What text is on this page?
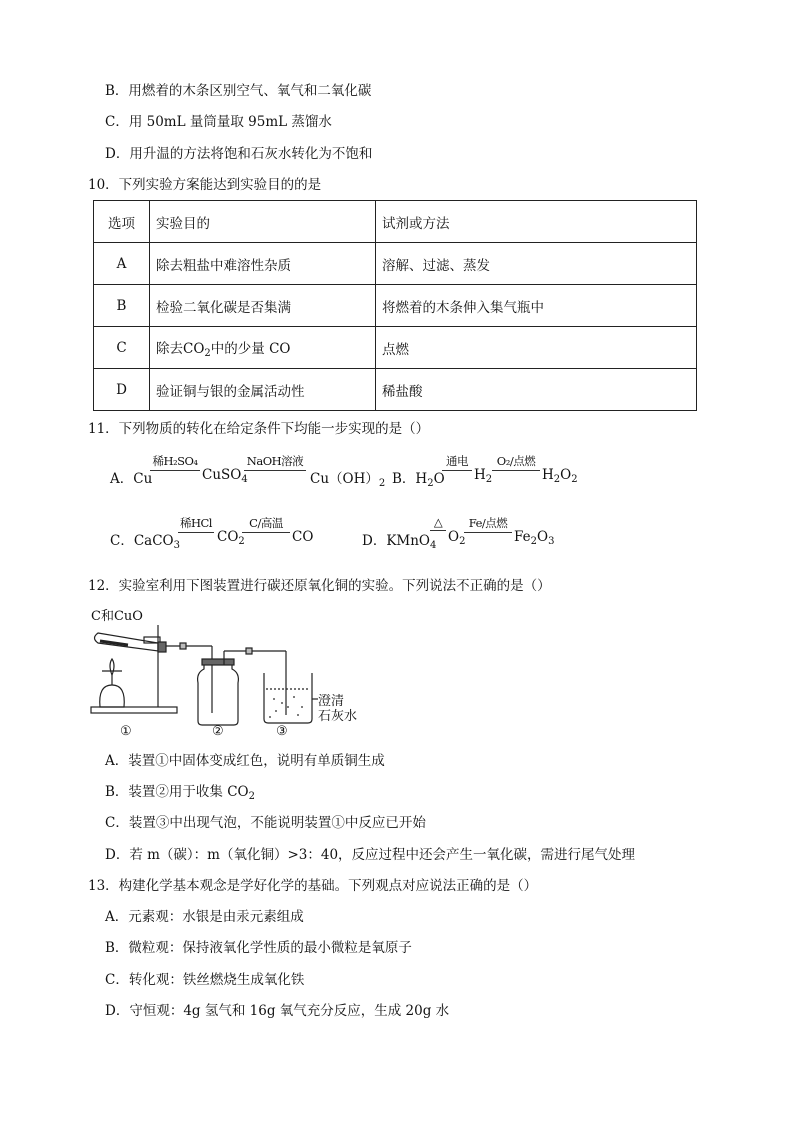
B．用燃着的木条区别空气、氧气和二氧化碳
C．用 50mL 量筒量取 95mL 蒸馏水
D．用升温的方法将饱和石灰水转化为不饱和
10．下列实验方案能达到实验目的的是
选项	实验目的	试剂或方法
A	除去粗盐中难溶性杂质	溶解、过滤、蒸发
B	检验二氧化碳是否集满	将燃着的木条伸入集气瓶中
C	除去$CO_2$中的少量 CO	点燃
D	验证铜与银的金属活动性	稀盐酸
11．下列物质的转化在给定条件下均能一步实现的是（）
A．Cu
稀H₂SO₄
CuSO$_4$
NaOH溶液
$Cu(OH)_2$ B．$H_2O$
通电
$H_2$
O₂/点燃
$H_2O_2$
C．CaCO$_3$
稀HCl
$CO_2$
C/高温
CO	D．KMnO$_4$
△
$O_2$
Fe/点燃
$Fe_2O_3$
12．实验室利用下图装置进行碳还原氧化铜的实验。下列说法不正确的是（）
C和CuO
澄清
石灰水
①	②	③
A．装置①中固体变成红色，说明有单质铜生成
B．装置②用于收集 $CO_2$
C．装置③中出现气泡，不能说明装置①中反应已开始
D．若 m（碳）：m（氧化铜）>3：40，反应过程中还会产生一氧化碳，需进行尾气处理
13．构建化学基本观念是学好化学的基础。下列观点对应说法正确的是（）
A．元素观：水银是由汞元素组成
B．微粒观：保持液氧化学性质的最小微粒是氧原子
C．转化观：铁丝燃烧生成氧化铁
D．守恒观：4g 氢气和 16g 氧气充分反应，生成 20g 水
